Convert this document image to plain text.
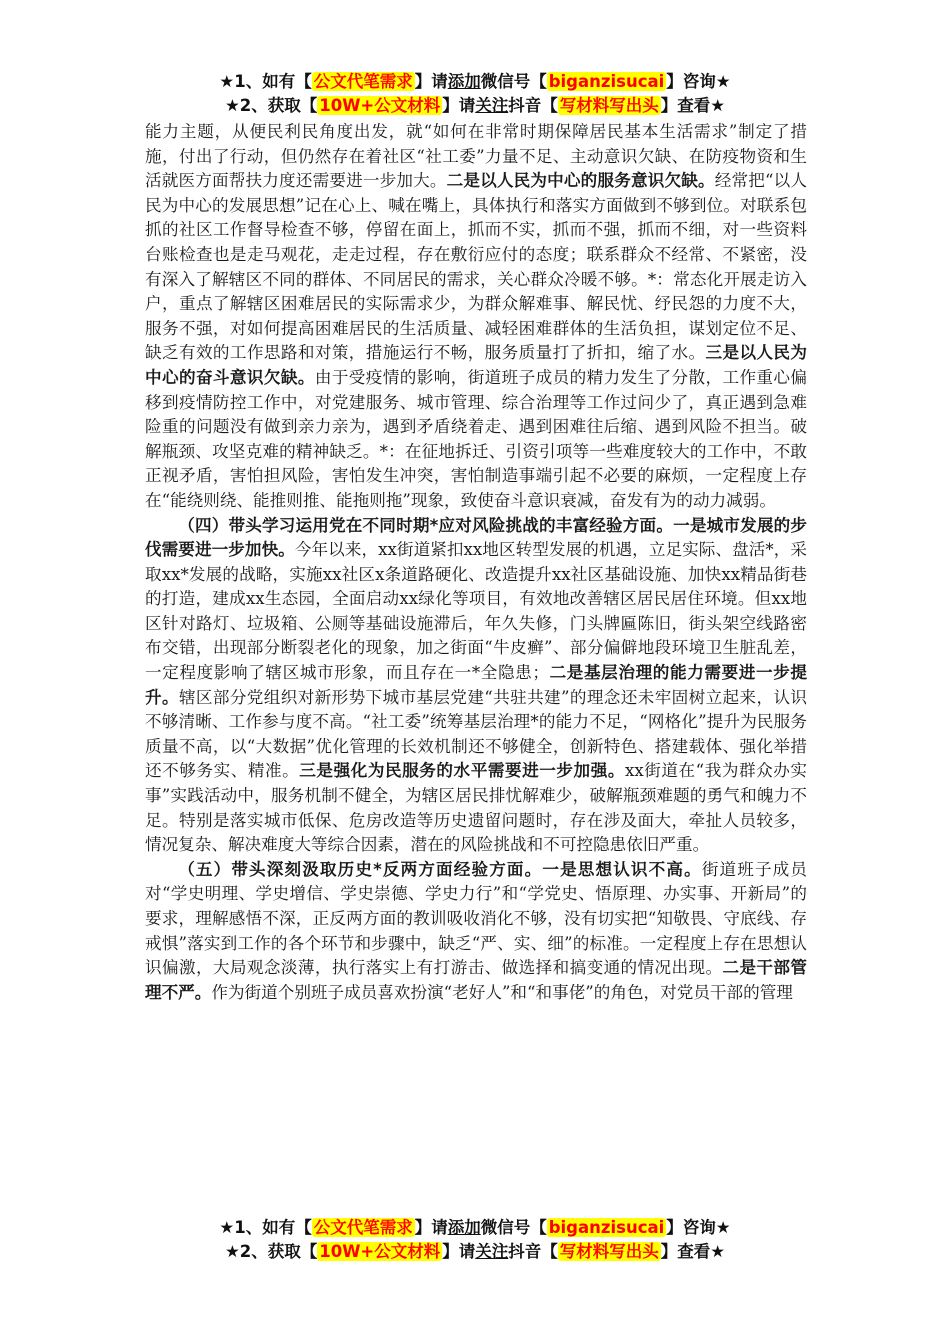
★1、如有【 公文代笔需求 】请添加微信号【 biganzisucai 】咨询★
★2、获取【 10W+公文材料 】请关注抖音【 写材料写出头 】查看★

能力主题，从便民利民角度出发，就“如何在非常时期保障居民基本生活需求”制定了措施，付出了行动，但仍然存在着社区“社工委”力量不足、主动意识欠缺、在防疫物资和生活就医方面帮扶力度还需要进一步加大。二是以人民为中心的服务意识欠缺。经常把“以人民为中心的发展思想”记在心上、喊在嘴上，具体执行和落实方面做到不够到位。对联系包抓的社区工作督导检查不够，停留在面上，抓而不实，抓而不强，抓而不细，对一些资料台账检查也是走马观花，走走过程，存在敷衍应付的态度；联系群众不经常、不紧密，没有深入了解辖区不同的群体、不同居民的需求，关心群众冷暖不够。*：常态化开展走访入户，重点了解辖区困难居民的实际需求少，为群众解难事、解民忧、纾民怨的力度不大，服务不强，对如何提高困难居民的生活质量、减轻困难群体的生活负担，谋划定位不足、缺乏有效的工作思路和对策，措施运行不畅，服务质量打了折扣，缩了水。三是以人民为中心的奋斗意识欠缺。由于受疫情的影响，街道班子成员的精力发生了分散，工作重心偏移到疫情防控工作中，对党建服务、城市管理、综合治理等工作过问少了，真正遇到急难险重的问题没有做到亲力亲为，遇到矛盾绕着走、遇到困难往后缩、遇到风险不担当。破解瓶颈、攻坚克难的精神缺乏。*：在征地拆迁、引资引项等一些难度较大的工作中，不敢正视矛盾，害怕担风险，害怕发生冲突，害怕制造事端引起不必要的麻烦，一定程度上存在“能绕则绕、能推则推、能拖则拖”现象，致使奋斗意识衰减，奋发有为的动力减弱。

（四）带头学习运用党在不同时期*应对风险挑战的丰富经验方面。一是城市发展的步伐需要进一步加快。今年以来，xx街道紧扣xx地区转型发展的机遇，立足实际、盘活*，采取xx*发展的战略，实施xx社区x条道路硬化、改造提升xx社区基础设施、加快xx精品街巷的打造，建成xx生态园，全面启动xx绿化等项目，有效地改善辖区居民居住环境。但xx地区针对路灯、垃圾箱、公厕等基础设施滞后，年久失修，门头牌匾陈旧，街头架空线路密布交错，出现部分断裂老化的现象，加之街面“牛皮癣”、部分偏僻地段环境卫生脏乱差，一定程度影响了辖区城市形象，而且存在一*全隐患；二是基层治理的能力需要进一步提升。辖区部分党组织对新形势下城市基层党建“共驻共建”的理念还未牢固树立起来，认识不够清晰、工作参与度不高。“社工委”统筹基层治理*的能力不足，“网格化”提升为民服务质量不高，以“大数据”优化管理的长效机制还不够健全，创新特色、搭建载体、强化举措还不够务实、精准。三是强化为民服务的水平需要进一步加强。xx街道在“我为群众办实事”实践活动中，服务机制不健全，为辖区居民排忧解难少，破解瓶颈难题的勇气和魄力不足。特别是落实城市低保、危房改造等历史遗留问题时，存在涉及面大，牵扯人员较多，情况复杂、解决难度大等综合因素，潜在的风险挑战和不可控隐患依旧严重。

（五）带头深刻汲取历史*反两方面经验方面。一是思想认识不高。街道班子成员对“学史明理、学史增信、学史崇德、学史力行”和“学党史、悟原理、办实事、开新局”的要求，理解感悟不深，正反两方面的教训吸收消化不够，没有切实把“知敬畏、守底线、存戒惧”落实到工作的各个环节和步骤中，缺乏“严、实、细”的标准。一定程度上存在思想认识偏激，大局观念淡薄，执行落实上有打游击、做选择和搞变通的情况出现。二是干部管理不严。作为街道个别班子成员喜欢扮演“老好人”和“和事佬”的角色，对党员干部的管理

★1、如有【 公文代笔需求 】请添加微信号【 biganzisucai 】咨询★
★2、获取【 10W+公文材料 】请关注抖音【 写材料写出头 】查看★
